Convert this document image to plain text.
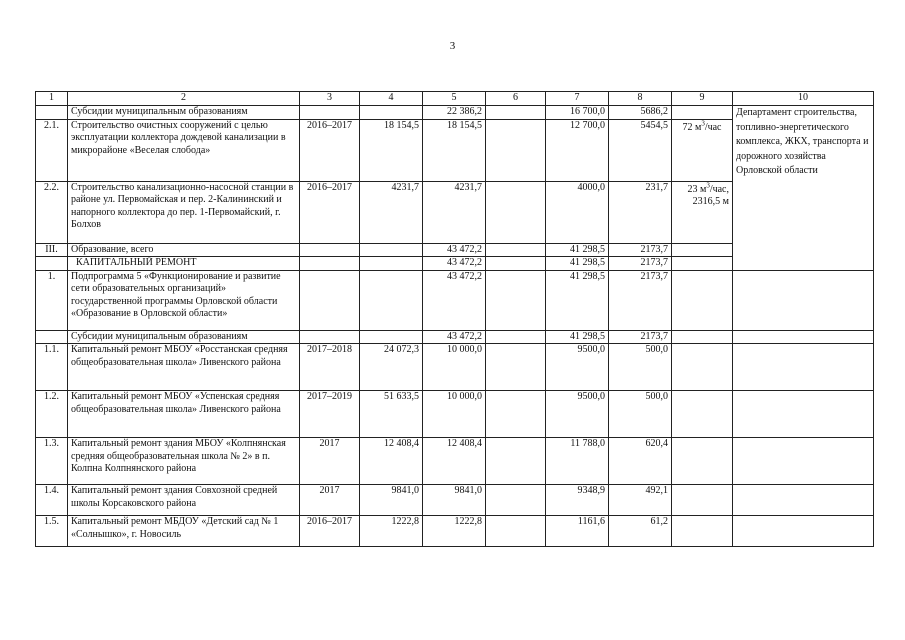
3
1	2	3	4	5	6	7	8	9	10
	Субсидии муниципальным образованиям			22 386,2		16 700,0	5686,2		Департамент строительства, топливно-энергетического комплекса, ЖКХ, транспорта и дорожного хозяйства Орловской области
2.1.	Строительство очистных сооружений с целью эксплуатации коллектора дождевой канализации в микрорайоне «Веселая слобода»	2016–2017	18 154,5	18 154,5		12 700,0	5454,5	72 $м^3$/час	
2.2.	Строительство канализационно-насосной станции в районе ул. Первомайская и пер. 2-Калининский и напорного коллектора до пер. 1-Первомайский, г. Болхов	2016–2017	4231,7	4231,7		4000,0	231,7	23 $м^3$/час,
2316,5 м	
III.	Образование, всего			43 472,2		41 298,5	2173,7		
	КАПИТАЛЬНЫЙ РЕМОНТ			43 472,2		41 298,5	2173,7		
1.	Подпрограмма 5 «Функционирование и развитие сети образовательных организаций» государственной программы Орловской области «Образование в Орловской области»			43 472,2		41 298,5	2173,7		
	Субсидии муниципальным образованиям			43 472,2		41 298,5	2173,7		
1.1.	Капитальный ремонт МБОУ «Росстанская средняя общеобразовательная школа» Ливенского района	2017–2018	24 072,3	10 000,0		9500,0	500,0		
1.2.	Капитальный ремонт МБОУ «Успенская средняя общеобразовательная школа» Ливенского района	2017–2019	51 633,5	10 000,0		9500,0	500,0		
1.3.	Капитальный ремонт здания МБОУ «Колпнянская средняя общеобразовательная школа № 2» в п. Колпна Колпнянского района	2017	12 408,4	12 408,4		11 788,0	620,4		
1.4.	Капитальный ремонт здания Совхозной средней школы Корсаковского района	2017	9841,0	9841,0		9348,9	492,1		
1.5.	Капитальный ремонт МБДОУ «Детский сад № 1 «Солнышко», г. Новосиль	2016–2017	1222,8	1222,8		1161,6	61,2		
